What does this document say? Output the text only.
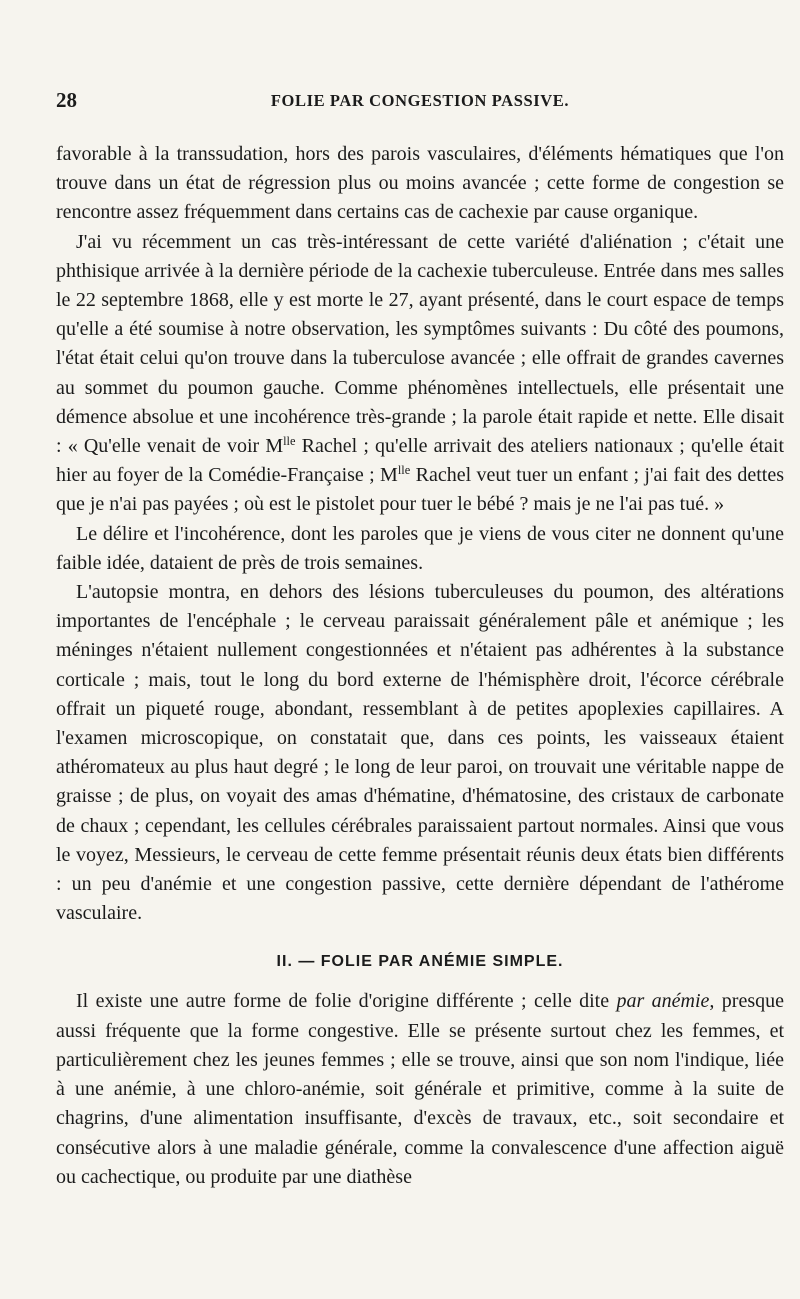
28	FOLIE PAR CONGESTION PASSIVE.

favorable à la transsudation, hors des parois vasculaires, d'éléments hématiques que l'on trouve dans un état de régression plus ou moins avancée ; cette forme de congestion se rencontre assez fréquemment dans certains cas de cachexie par cause organique.

J'ai vu récemment un cas très-intéressant de cette variété d'aliénation ; c'était une phthisique arrivée à la dernière période de la cachexie tuberculeuse. Entrée dans mes salles le 22 septembre 1868, elle y est morte le 27, ayant présenté, dans le court espace de temps qu'elle a été soumise à notre observation, les symptômes suivants : Du côté des poumons, l'état était celui qu'on trouve dans la tuberculose avancée ; elle offrait de grandes cavernes au sommet du poumon gauche. Comme phénomènes intellectuels, elle présentait une démence absolue et une incohérence très-grande ; la parole était rapide et nette. Elle disait : « Qu'elle venait de voir $M^{lle}$ Rachel ; qu'elle arrivait des ateliers nationaux ; qu'elle était hier au foyer de la Comédie-Française ; $M^{lle}$ Rachel veut tuer un enfant ; j'ai fait des dettes que je n'ai pas payées ; où est le pistolet pour tuer le bébé ? mais je ne l'ai pas tué. »

Le délire et l'incohérence, dont les paroles que je viens de vous citer ne donnent qu'une faible idée, dataient de près de trois semaines.

L'autopsie montra, en dehors des lésions tuberculeuses du poumon, des altérations importantes de l'encéphale ; le cerveau paraissait généralement pâle et anémique ; les méninges n'étaient nullement congestionnées et n'étaient pas adhérentes à la substance corticale ; mais, tout le long du bord externe de l'hémisphère droit, l'écorce cérébrale offrait un piqueté rouge, abondant, ressemblant à de petites apoplexies capillaires. A l'examen microscopique, on constatait que, dans ces points, les vaisseaux étaient athéromateux au plus haut degré ; le long de leur paroi, on trouvait une véritable nappe de graisse ; de plus, on voyait des amas d'hématine, d'hématosine, des cristaux de carbonate de chaux ; cependant, les cellules cérébrales paraissaient partout normales. Ainsi que vous le voyez, Messieurs, le cerveau de cette femme présentait réunis deux états bien différents : un peu d'anémie et une congestion passive, cette dernière dépendant de l'athérome vasculaire.

II. — FOLIE PAR ANÉMIE SIMPLE.

Il existe une autre forme de folie d'origine différente ; celle dite par anémie, presque aussi fréquente que la forme congestive. Elle se présente surtout chez les femmes, et particulièrement chez les jeunes femmes ; elle se trouve, ainsi que son nom l'indique, liée à une anémie, à une chloro-anémie, soit générale et primitive, comme à la suite de chagrins, d'une alimentation insuffisante, d'excès de travaux, etc., soit secondaire et consécutive alors à une maladie générale, comme la convalescence d'une affection aiguë ou cachectique, ou produite par une diathèse
